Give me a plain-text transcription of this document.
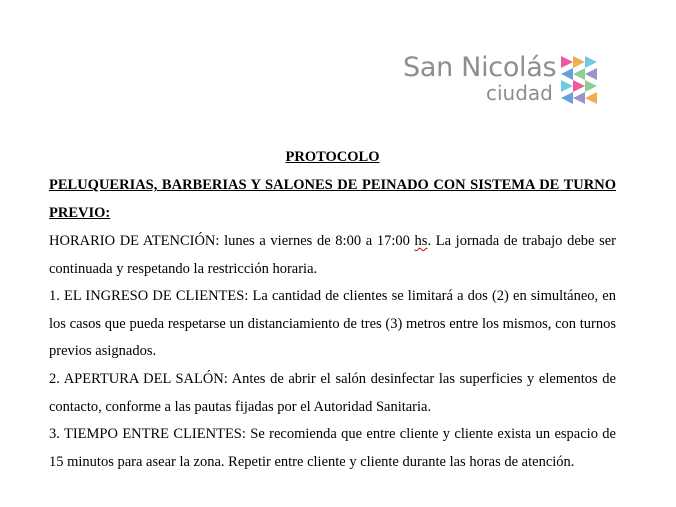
San Nicolás
ciudad
PROTOCOLO
PELUQUERIAS, BARBERIAS Y SALONES DE PEINADO CON SISTEMA DE TURNO PREVIO:
HORARIO DE ATENCIÓN: lunes a viernes de 8:00 a 17:00 hs. La jornada de trabajo debe ser continuada y respetando la restricción horaria.
1. EL INGRESO DE CLIENTES: La cantidad de clientes se limitará a dos (2) en simultáneo, en los casos que pueda respetarse un distanciamiento de tres (3) metros entre los mismos, con turnos previos asignados.
2. APERTURA DEL SALÓN: Antes de abrir el salón desinfectar las superficies y elementos de contacto, conforme a las pautas fijadas por el Autoridad Sanitaria.
3. TIEMPO ENTRE CLIENTES: Se recomienda que entre cliente y cliente exista un espacio de 15 minutos para asear la zona. Repetir entre cliente y cliente durante las horas de atención.
